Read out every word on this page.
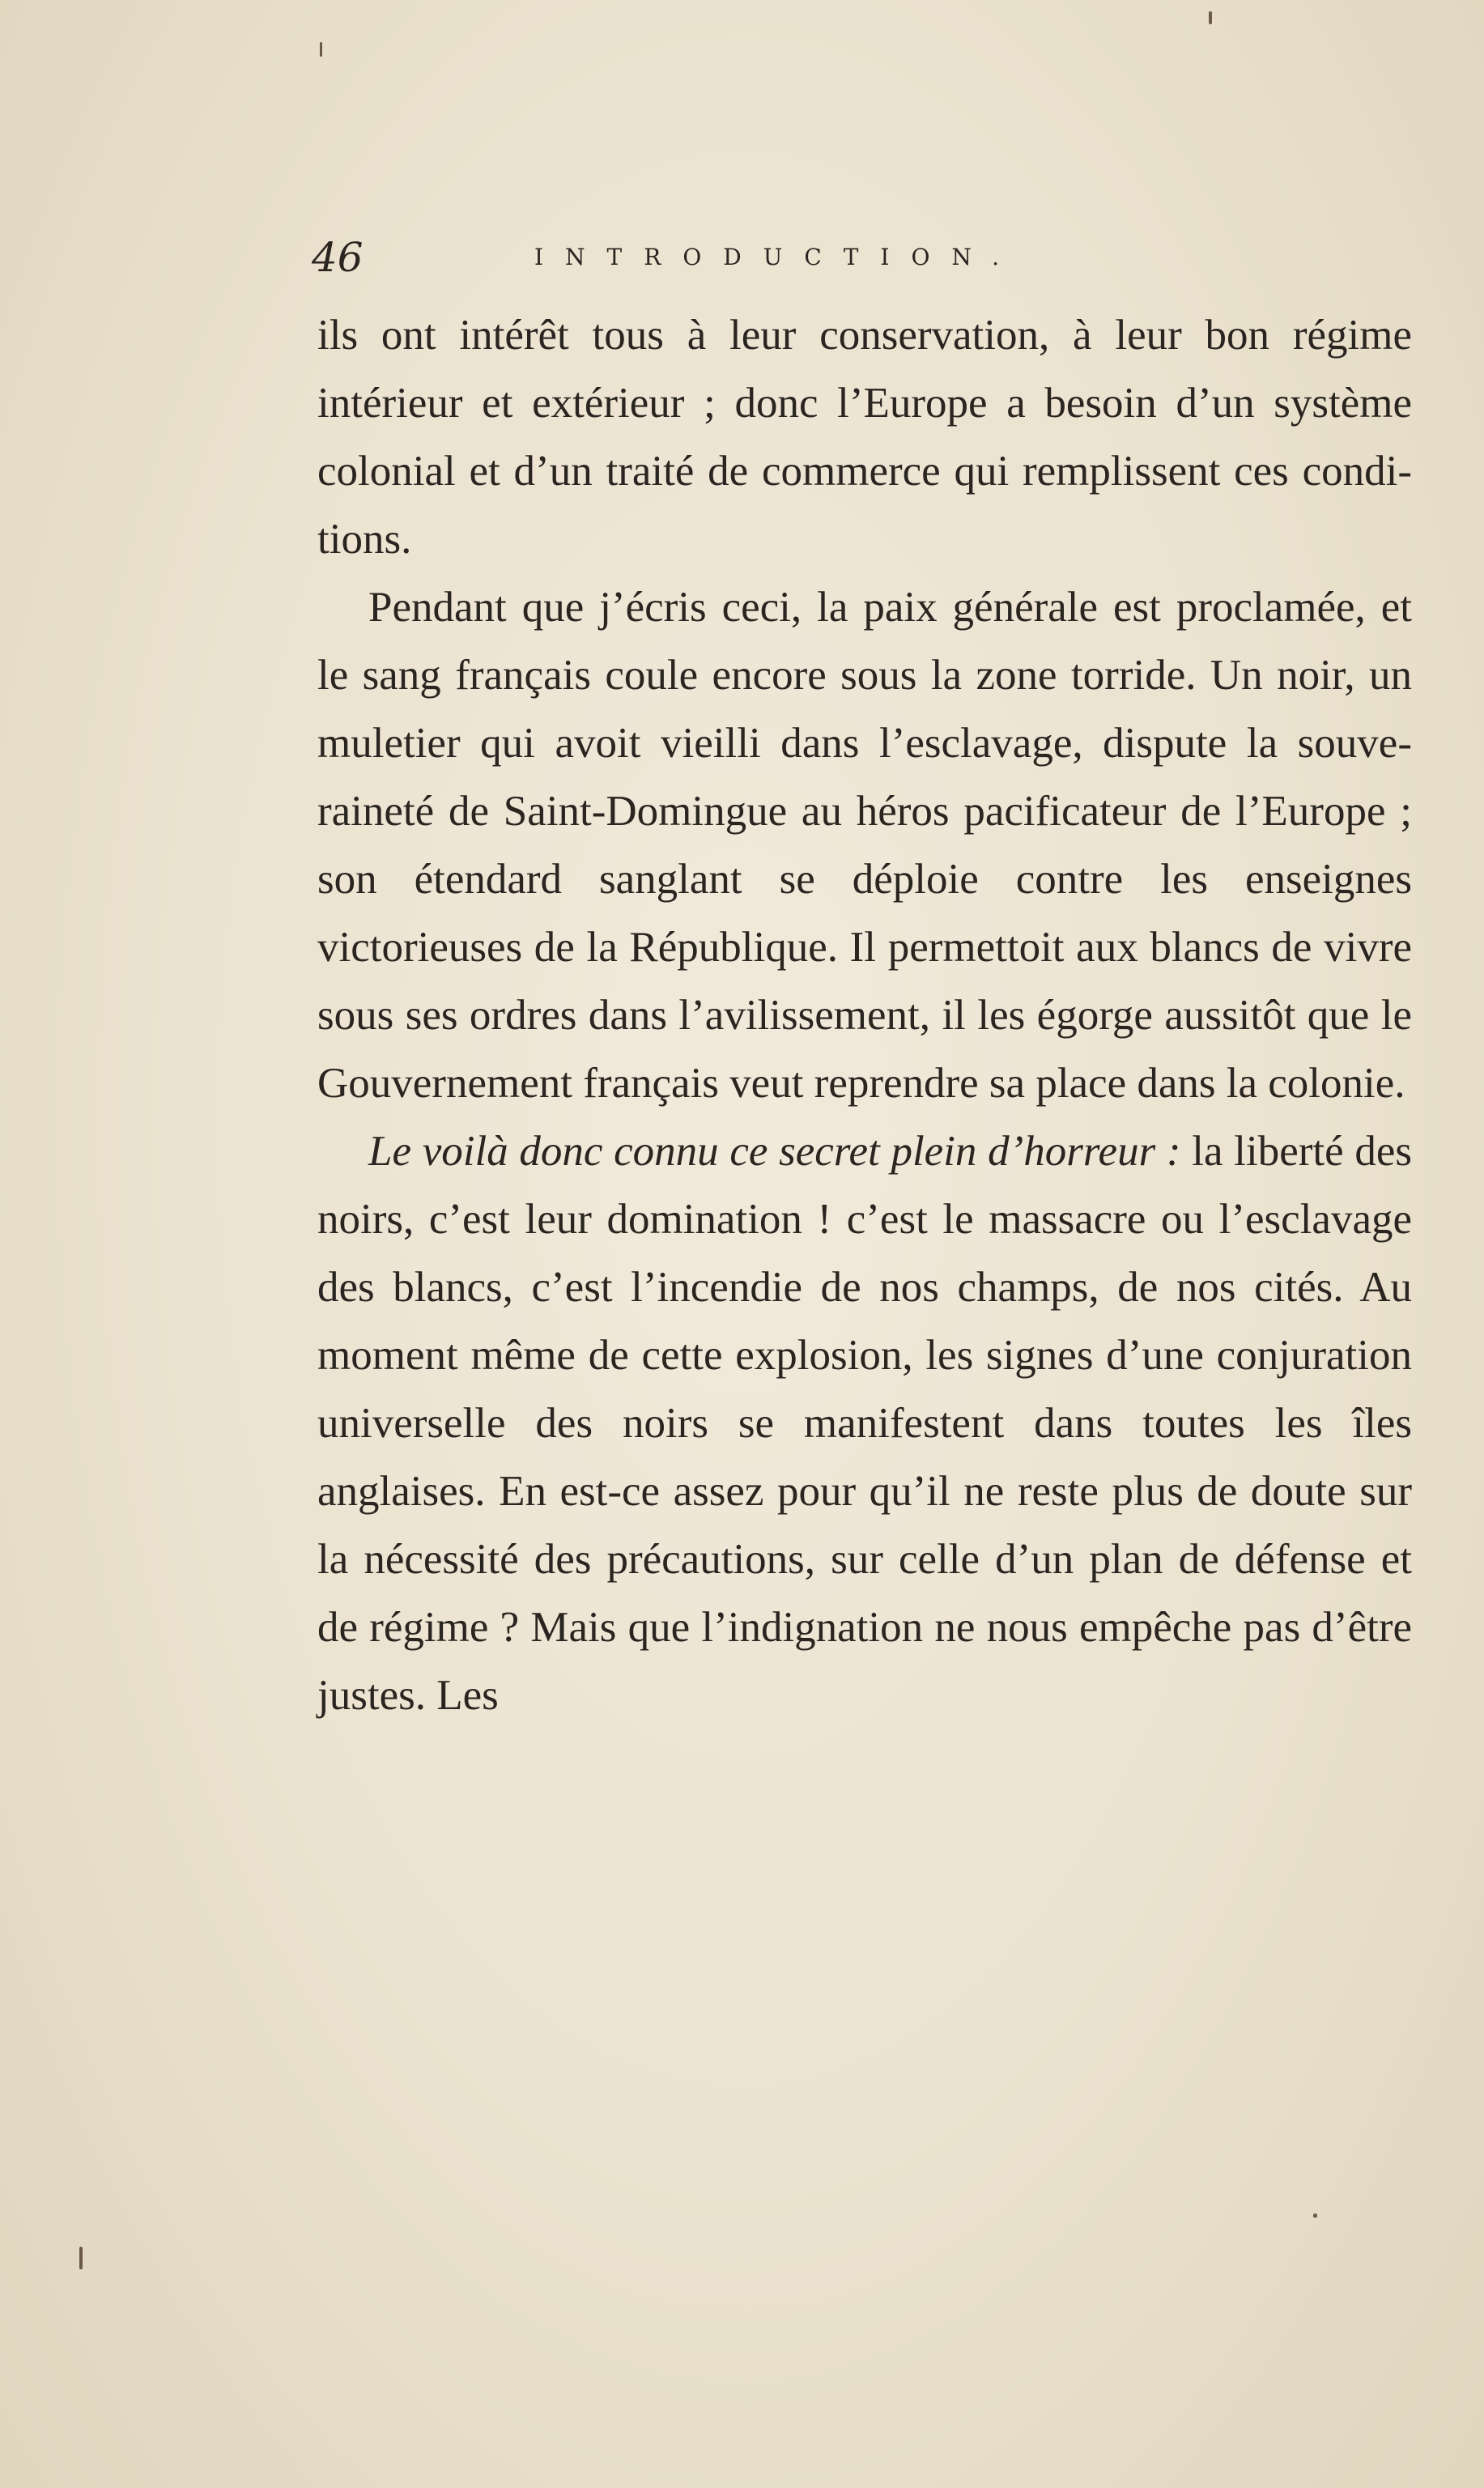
46	INTRODUCTION.

ils ont intérêt tous à leur conservation, à leur bon régime intérieur et extérieur ; donc l’Europe a besoin d’un système colonial et d’un traité de commerce qui remplissent ces conditions.

Pendant que j’écris ceci, la paix générale est proclamée, et le sang français coule encore sous la zone torride. Un noir, un muletier qui avoit vieilli dans l’esclavage, dispute la souveraineté de Saint-Domingue au héros pacificateur de l’Europe ; son étendard sanglant se déploie contre les enseignes victorieuses de la République. Il permettoit aux blancs de vivre sous ses ordres dans l’avilissement, il les égorge aussitôt que le Gouvernement français veut reprendre sa place dans la colonie.

Le voilà donc connu ce secret plein d’horreur : la liberté des noirs, c’est leur domination ! c’est le massacre ou l’esclavage des blancs, c’est l’incendie de nos champs, de nos cités. Au moment même de cette explosion, les signes d’une conjuration universelle des noirs se manifestent dans toutes les îles anglaises. En est-ce assez pour qu’il ne reste plus de doute sur la nécessité des précautions, sur celle d’un plan de défense et de régime ? Mais que l’indignation ne nous empêche pas d’être justes. Les
